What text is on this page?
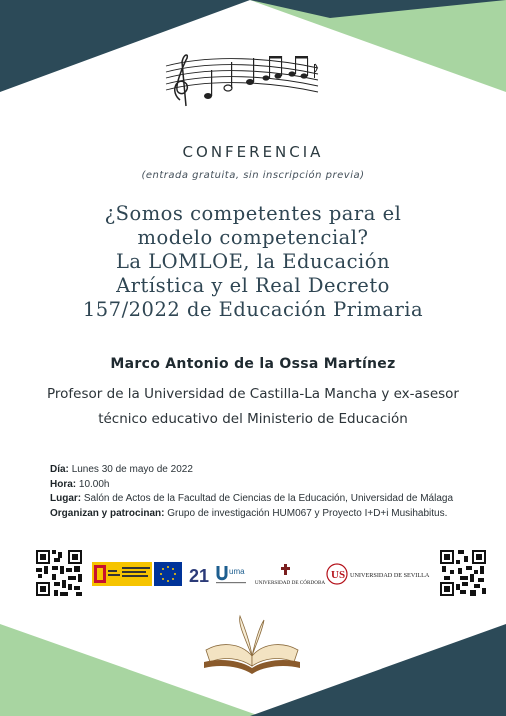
CONFERENCIA
(entrada gratuita, sin inscripción previa)
¿Somos competentes para el
modelo competencial?
La LOMLOE, la Educación
Artística y el Real Decreto
157/2022 de Educación Primaria
Marco Antonio de la Ossa Martínez
Profesor de la Universidad de Castilla-La Mancha y ex-asesor
técnico educativo del Ministerio de Educación
Día: Lunes 30 de mayo de 2022
Hora: 10.00h
Lugar: Salón de Actos de la Facultad de Ciencias de la Educación, Universidad de Málaga
Organizan y patrocinan: Grupo de investigación HUM067 y Proyecto I+D+i Musihabitus.
21 uma
UNIVERSIDAD DE CÓRDOBA
US UNIVERSIDAD DE SEVILLA
